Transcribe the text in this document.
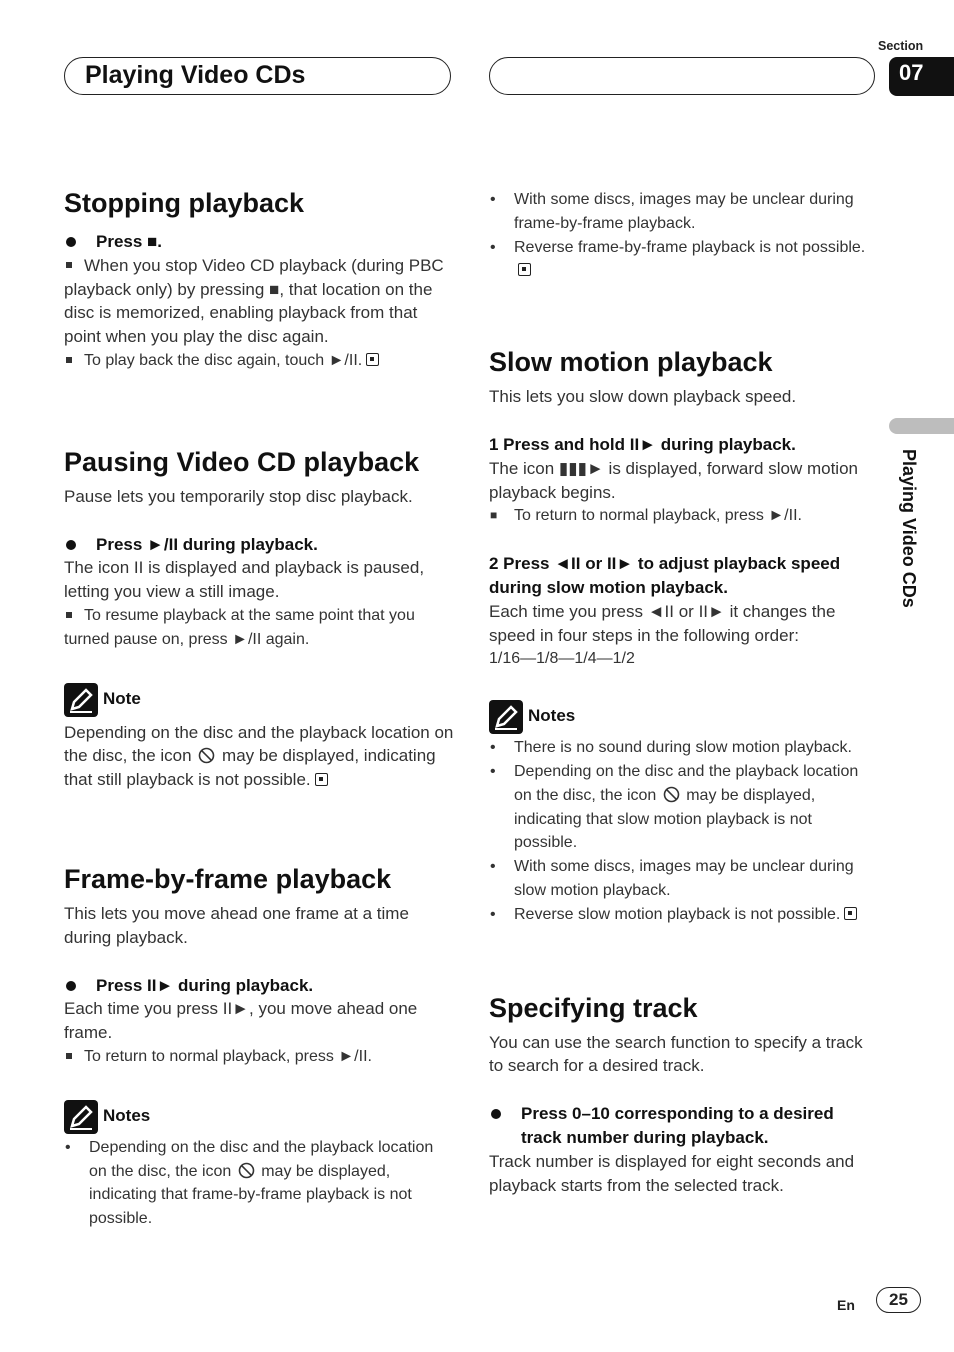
Playing Video CDs
Section
07
Playing Video CDs
Stopping playback

Press ■.

When you stop Video CD playback (during PBC playback only) by pressing ■, that location on the disc is memorized, enabling playback from that point when you play the disc again.

To play back the disc again, touch ►/II.

Pausing Video CD playback

Pause lets you temporarily stop disc playback.

Press ►/II during playback.

The icon II is displayed and playback is paused, letting you view a still image.

To resume playback at the same point that you turned pause on, press ►/II again.

Note

Depending on the disc and the playback location on the disc, the icon may be displayed, indicating that still playback is not possible.

Frame-by-frame playback

This lets you move ahead one frame at a time during playback.

Press II► during playback.

Each time you press II►, you move ahead one frame.

To return to normal playback, press ►/II.

Notes
• Depending on the disc and the playback location on the disc, the icon may be displayed, indicating that frame-by-frame playback is not possible.
• With some discs, images may be unclear during frame-by-frame playback.
• Reverse frame-by-frame playback is not possible.
Slow motion playback

This lets you slow down playback speed.

1 Press and hold II► during playback.

The icon ▮▮▮► is displayed, forward slow motion playback begins.

■ To return to normal playback, press ►/II.

2 Press ◄II or II► to adjust playback speed during slow motion playback.

Each time you press ◄II or II► it changes the speed in four steps in the following order:

1/16—1/8—1/4—1/2

Notes
• There is no sound during slow motion playback.
• Depending on the disc and the playback location on the disc, the icon may be displayed, indicating that slow motion playback is not possible.
• With some discs, images may be unclear during slow motion playback.
• Reverse slow motion playback is not possible.
Specifying track

You can use the search function to specify a track to search for a desired track.

Press 0–10 corresponding to a desired track number during playback.

Track number is displayed for eight seconds and playback starts from the selected track.

En	25
